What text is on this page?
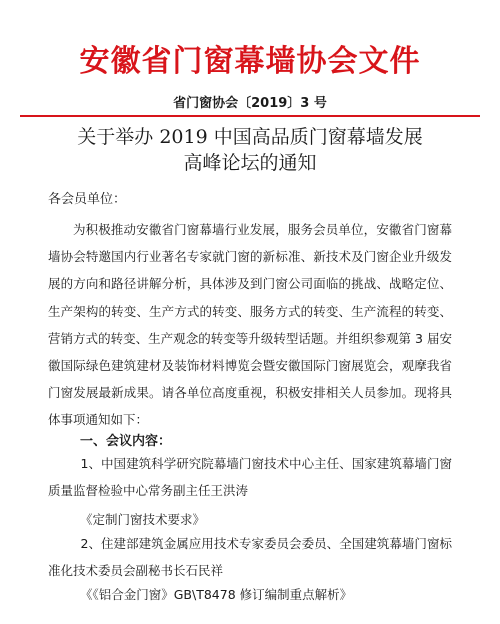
安徽省门窗幕墙协会文件
省门窗协会〔2019〕3 号
关于举办 2019 中国高品质门窗幕墙发展
高峰论坛的通知
各会员单位：

为积极推动安徽省门窗幕墙行业发展，服务会员单位，安徽省门窗幕墙协会特邀国内行业著名专家就门窗的新标准、新技术及门窗企业升级发展的方向和路径讲解分析，具体涉及到门窗公司面临的挑战、战略定位、生产架构的转变、生产方式的转变、服务方式的转变、生产流程的转变、营销方式的转变、生产观念的转变等升级转型话题。并组织参观第 3 届安徽国际绿色建筑建材及装饰材料博览会暨安徽国际门窗展览会，观摩我省门窗发展最新成果。请各单位高度重视，积极安排相关人员参加。现将具体事项通知如下：

一、会议内容：

1、中国建筑科学研究院幕墙门窗技术中心主任、国家建筑幕墙门窗质量监督检验中心常务副主任王洪涛

《定制门窗技术要求》

2、住建部建筑金属应用技术专家委员会委员、全国建筑幕墙门窗标准化技术委员会副秘书长石民祥

《《铝合金门窗》GB\T8478 修订编制重点解析》
